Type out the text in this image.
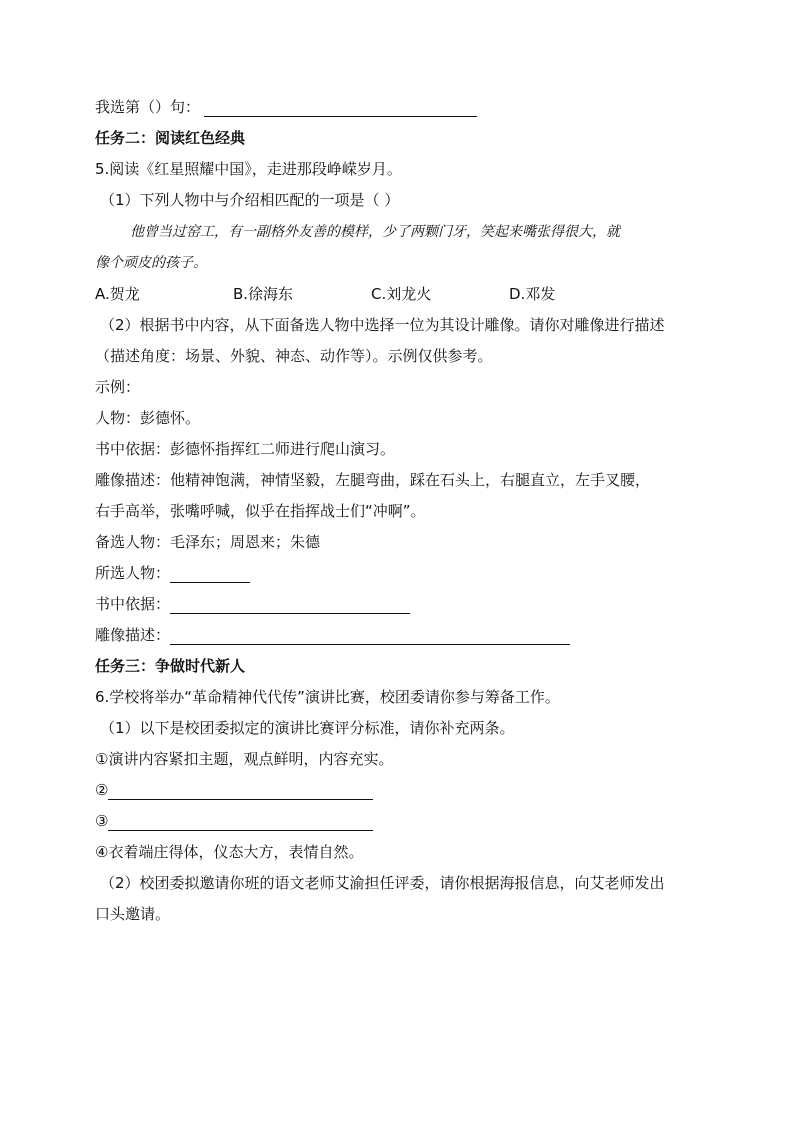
我选第（）句：
任务二：阅读红色经典
5.阅读《红星照耀中国》，走进那段峥嵘岁月。
（1）下列人物中与介绍相匹配的一项是（ ）
他曾当过窑工，有一副格外友善的模样，少了两颗门牙，笑起来嘴张得很大，就
像个顽皮的孩子。
A.贺龙	B.徐海东	C.刘龙火	D.邓发
（2）根据书中内容，从下面备选人物中选择一位为其设计雕像。请你对雕像进行描述
（描述角度：场景、外貌、神态、动作等）。示例仅供参考。
示例：
人物：彭德怀。
书中依据：彭德怀指挥红二师进行爬山演习。
雕像描述：他精神饱满，神情坚毅，左腿弯曲，踩在石头上，右腿直立，左手叉腰，
右手高举，张嘴呼喊，似乎在指挥战士们“冲啊”。
备选人物：毛泽东；周恩来；朱德
所选人物：
书中依据：
雕像描述：
任务三：争做时代新人
6.学校将举办“革命精神代代传”演讲比赛，校团委请你参与筹备工作。
（1）以下是校团委拟定的演讲比赛评分标准，请你补充两条。
①演讲内容紧扣主题，观点鲜明，内容充实。
②
③
④衣着端庄得体，仪态大方，表情自然。
（2）校团委拟邀请你班的语文老师艾渝担任评委，请你根据海报信息，向艾老师发出
口头邀请。
